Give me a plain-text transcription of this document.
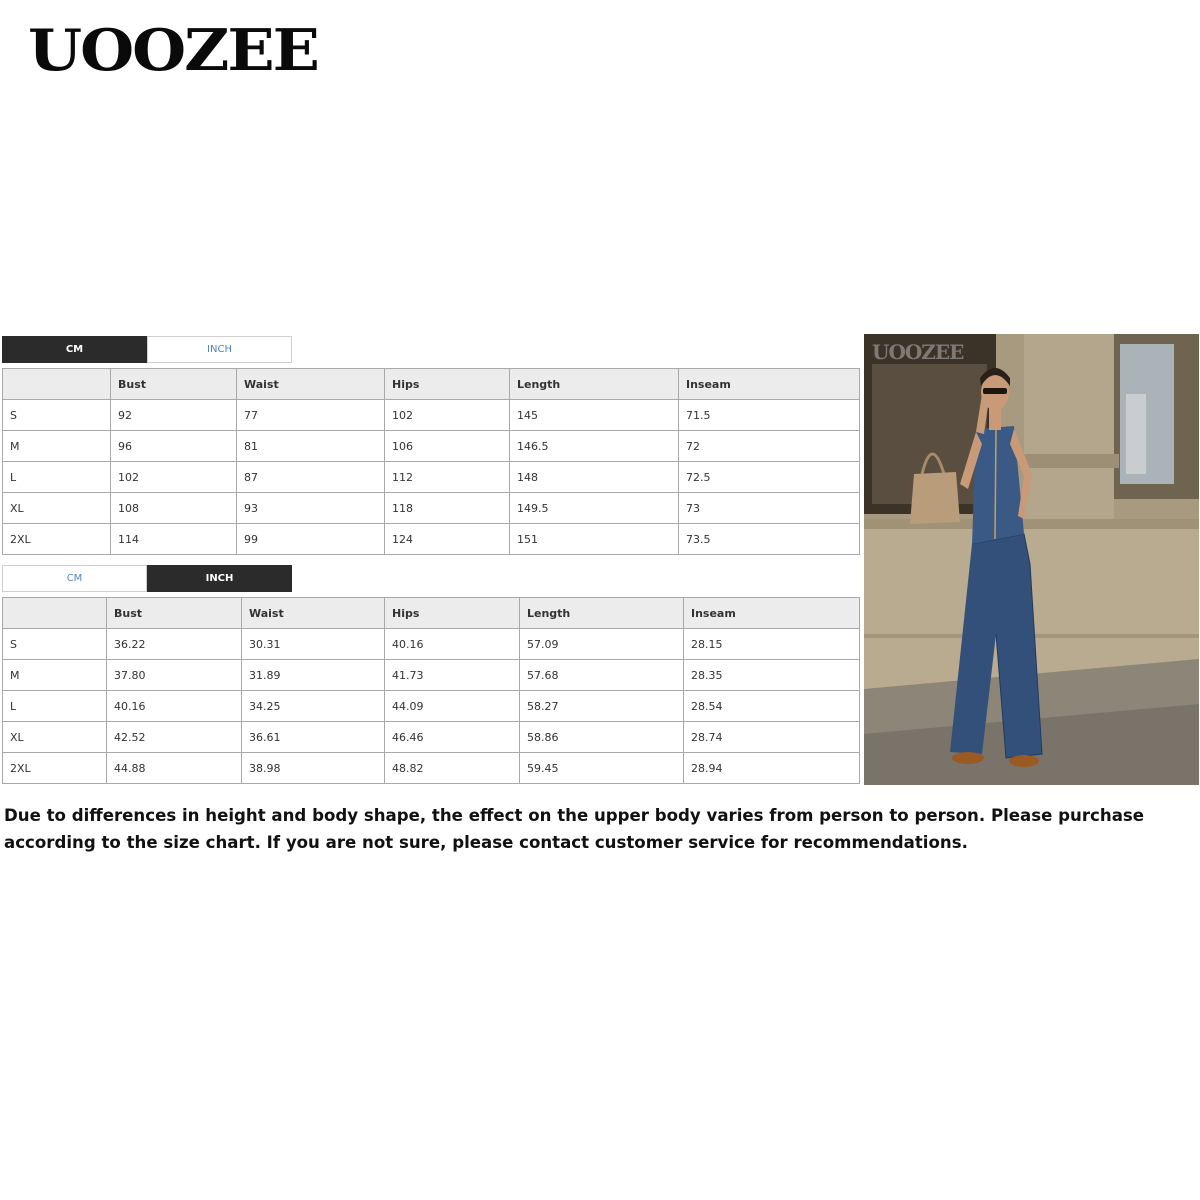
UOOZEE
CM	INCH
	Bust	Waist	Hips	Length	Inseam
S	92	77	102	145	71.5
M	96	81	106	146.5	72
L	102	87	112	148	72.5
XL	108	93	118	149.5	73
2XL	114	99	124	151	73.5
CM	INCH
	Bust	Waist	Hips	Length	Inseam
S	36.22	30.31	40.16	57.09	28.15
M	37.80	31.89	41.73	57.68	28.35
L	40.16	34.25	44.09	58.27	28.54
XL	42.52	36.61	46.46	58.86	28.74
2XL	44.88	38.98	48.82	59.45	28.94
UOOZEE
Due to differences in height and body shape, the effect on the upper body varies from person to person. Please purchase according to the size chart. If you are not sure, please contact customer service for recommendations.
